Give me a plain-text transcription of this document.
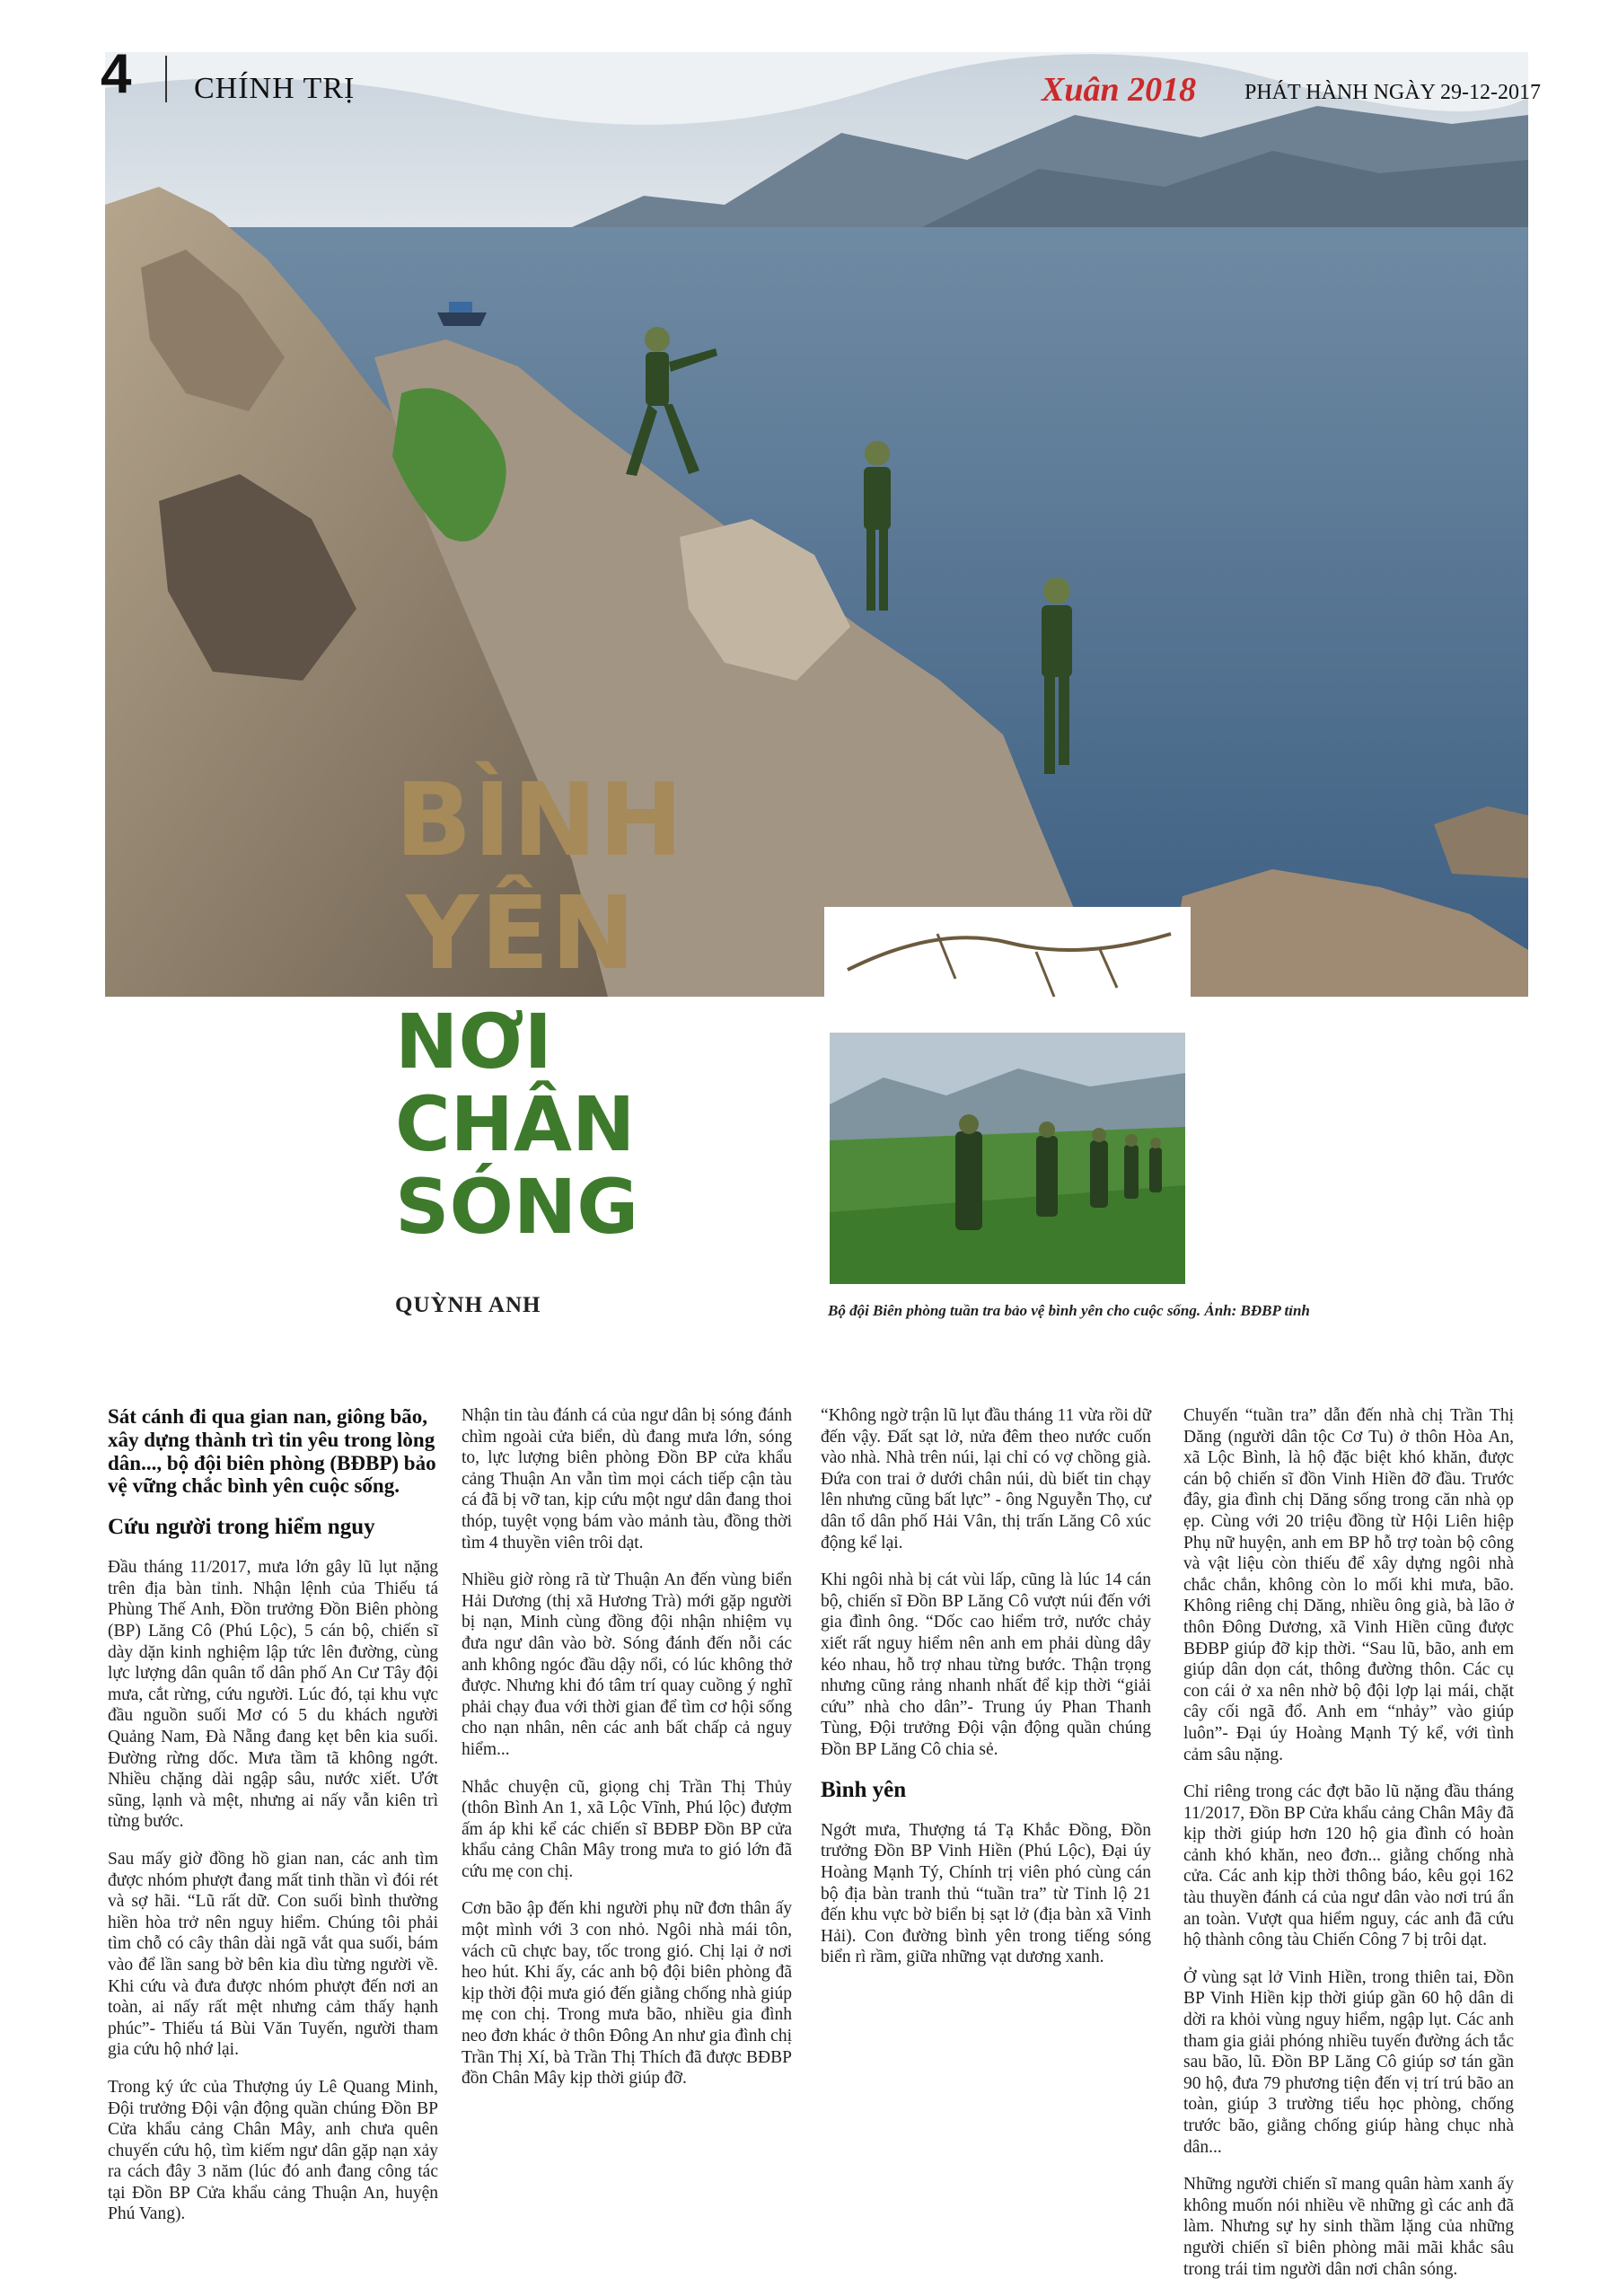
4 CHÍNH TRỊ	Xuân 2018 PHÁT HÀNH NGÀY 29-12-2017
Bộ đội Biên phòng tuần tra bảo vệ bình yên cho cuộc sống. Ảnh: BĐBP tỉnh
BÌNH
YÊN
NƠI
CHÂN
SÓNG
QUỲNH ANH

Sát cánh đi qua gian nan, giông bão, xây dựng thành trì tin yêu trong lòng dân..., bộ đội biên phòng (BĐBP) bảo vệ vững chắc bình yên cuộc sống.

Cứu người trong hiểm nguy

Đầu tháng 11/2017, mưa lớn gây lũ lụt nặng trên địa bàn tỉnh. Nhận lệnh của Thiếu tá Phùng Thế Anh, Đồn trưởng Đồn Biên phòng (BP) Lăng Cô (Phú Lộc), 5 cán bộ, chiến sĩ dày dặn kinh nghiệm lập tức lên đường, cùng lực lượng dân quân tổ dân phố An Cư Tây đội mưa, cắt rừng, cứu người. Lúc đó, tại khu vực đầu nguồn suối Mơ có 5 du khách người Quảng Nam, Đà Nẵng đang kẹt bên kia suối. Đường rừng dốc. Mưa tầm tã không ngớt. Nhiều chặng dài ngập sâu, nước xiết. Ướt sũng, lạnh và mệt, nhưng ai nấy vẫn kiên trì từng bước.

Sau mấy giờ đồng hồ gian nan, các anh tìm được nhóm phượt đang mất tinh thần vì đói rét và sợ hãi. “Lũ rất dữ. Con suối bình thường hiền hòa trở nên nguy hiểm. Chúng tôi phải tìm chỗ có cây thân dài ngã vắt qua suối, bám vào để lần sang bờ bên kia dìu từng người về. Khi cứu và đưa được nhóm phượt đến nơi an toàn, ai nấy rất mệt nhưng cảm thấy hạnh phúc”- Thiếu tá Bùi Văn Tuyến, người tham gia cứu hộ nhớ lại.

Trong ký ức của Thượng úy Lê Quang Minh, Đội trưởng Đội vận động quần chúng Đồn BP Cửa khẩu cảng Chân Mây, anh chưa quên chuyến cứu hộ, tìm kiếm ngư dân gặp nạn xảy ra cách đây 3 năm (lúc đó anh đang công tác tại Đồn BP Cửa khẩu cảng Thuận An, huyện Phú Vang).

Nhận tin tàu đánh cá của ngư dân bị sóng đánh chìm ngoài cửa biển, dù đang mưa lớn, sóng to, lực lượng biên phòng Đồn BP cửa khẩu cảng Thuận An vẫn tìm mọi cách tiếp cận tàu cá đã bị vỡ tan, kịp cứu một ngư dân đang thoi thóp, tuyệt vọng bám vào mảnh tàu, đồng thời tìm 4 thuyền viên trôi dạt.

Nhiều giờ ròng rã từ Thuận An đến vùng biển Hải Dương (thị xã Hương Trà) mới gặp người bị nạn, Minh cùng đồng đội nhận nhiệm vụ đưa ngư dân vào bờ. Sóng đánh đến nỗi các anh không ngóc đầu dậy nổi, có lúc không thở được. Nhưng khi đó tâm trí quay cuồng ý nghĩ phải chạy đua với thời gian để tìm cơ hội sống cho nạn nhân, nên các anh bất chấp cả nguy hiểm...

Nhắc chuyện cũ, giọng chị Trần Thị Thủy (thôn Bình An 1, xã Lộc Vĩnh, Phú lộc) đượm ấm áp khi kể các chiến sĩ BĐBP Đồn BP cửa khẩu cảng Chân Mây trong mưa to gió lớn đã cứu mẹ con chị.

Cơn bão ập đến khi người phụ nữ đơn thân ấy một mình với 3 con nhỏ. Ngôi nhà mái tôn, vách cũ chực bay, tốc trong gió. Chị lại ở nơi heo hút. Khi ấy, các anh bộ đội biên phòng đã kịp thời đội mưa gió đến giằng chống nhà giúp mẹ con chị. Trong mưa bão, nhiều gia đình neo đơn khác ở thôn Đông An như gia đình chị Trần Thị Xí, bà Trần Thị Thích đã được BĐBP đồn Chân Mây kịp thời giúp đỡ.

“Không ngờ trận lũ lụt đầu tháng 11 vừa rồi dữ đến vậy. Đất sạt lở, nửa đêm theo nước cuốn vào nhà. Nhà trên núi, lại chỉ có vợ chồng già. Đứa con trai ở dưới chân núi, dù biết tin chạy lên nhưng cũng bất lực” - ông Nguyễn Thọ, cư dân tổ dân phố Hải Vân, thị trấn Lăng Cô xúc động kể lại.

Khi ngôi nhà bị cát vùi lấp, cũng là lúc 14 cán bộ, chiến sĩ Đồn BP Lăng Cô vượt núi đến với gia đình ông. “Dốc cao hiểm trở, nước chảy xiết rất nguy hiểm nên anh em phải dùng dây kéo nhau, hỗ trợ nhau từng bước. Thận trọng nhưng cũng rảng nhanh nhất để kịp thời “giải cứu” nhà cho dân”- Trung úy Phan Thanh Tùng, Đội trưởng Đội vận động quần chúng Đồn BP Lăng Cô chia sẻ.

Bình yên

Ngớt mưa, Thượng tá Tạ Khắc Đồng, Đồn trưởng Đồn BP Vinh Hiền (Phú Lộc), Đại úy Hoàng Mạnh Tý, Chính trị viên phó cùng cán bộ địa bàn tranh thủ “tuần tra” từ Tỉnh lộ 21 đến khu vực bờ biển bị sạt lở (địa bàn xã Vinh Hải). Con đường bình yên trong tiếng sóng biển rì rầm, giữa những vạt dương xanh.

Chuyến “tuần tra” dẫn đến nhà chị Trần Thị Dăng (người dân tộc Cơ Tu) ở thôn Hòa An, xã Lộc Bình, là hộ đặc biệt khó khăn, được cán bộ chiến sĩ đồn Vinh Hiền đỡ đầu. Trước đây, gia đình chị Dăng sống trong căn nhà ọp ẹp. Cùng với 20 triệu đồng từ Hội Liên hiệp Phụ nữ huyện, anh em BP hỗ trợ toàn bộ công và vật liệu còn thiếu để xây dựng ngôi nhà chắc chắn, không còn lo mối khi mưa, bão. Không riêng chị Dăng, nhiều ông già, bà lão ở thôn Đông Dương, xã Vinh Hiền cũng được BĐBP giúp đỡ kịp thời. “Sau lũ, bão, anh em giúp dân dọn cát, thông đường thôn. Các cụ con cái ở xa nên nhờ bộ đội lợp lại mái, chặt cây cối ngã đổ. Anh em “nhảy” vào giúp luôn”- Đại úy Hoàng Mạnh Tý kể, với tình cảm sâu nặng.

Chỉ riêng trong các đợt bão lũ nặng đầu tháng 11/2017, Đồn BP Cửa khẩu cảng Chân Mây đã kịp thời giúp hơn 120 hộ gia đình có hoàn cảnh khó khăn, neo đơn... giằng chống nhà cửa. Các anh kịp thời thông báo, kêu gọi 162 tàu thuyền đánh cá của ngư dân vào nơi trú ẩn an toàn. Vượt qua hiểm nguy, các anh đã cứu hộ thành công tàu Chiến Công 7 bị trôi dạt.

Ở vùng sạt lở Vinh Hiền, trong thiên tai, Đồn BP Vinh Hiền kịp thời giúp gần 60 hộ dân di dời ra khỏi vùng nguy hiểm, ngập lụt. Các anh tham gia giải phóng nhiều tuyến đường ách tắc sau bão, lũ. Đồn BP Lăng Cô giúp sơ tán gần 90 hộ, đưa 79 phương tiện đến vị trí trú bão an toàn, giúp 3 trường tiểu học phòng, chống trước bão, giằng chống giúp hàng chục nhà dân...

Những người chiến sĩ mang quân hàm xanh ấy không muốn nói nhiều về những gì các anh đã làm. Nhưng sự hy sinh thầm lặng của những người chiến sĩ biên phòng mãi mãi khắc sâu trong trái tim người dân nơi chân sóng.
